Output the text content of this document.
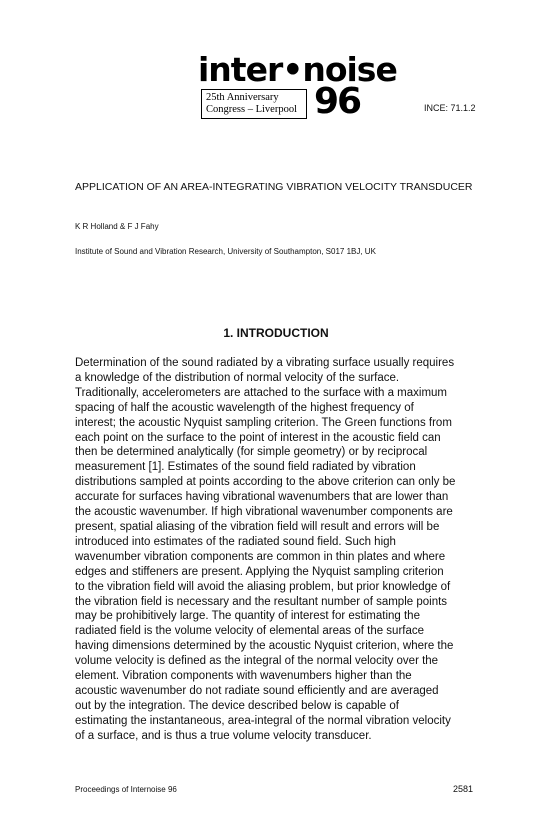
inter•noise
25th Anniversary
Congress – Liverpool 96	INCE: 71.1.2
APPLICATION OF AN AREA-INTEGRATING VIBRATION VELOCITY TRANSDUCER
K R Holland & F J Fahy
Institute of Sound and Vibration Research, University of Southampton, S017 1BJ, UK
1. INTRODUCTION
Determination of the sound radiated by a vibrating surface usually requires
a knowledge of the distribution of normal velocity of the surface.
Traditionally, accelerometers are attached to the surface with a maximum
spacing of half the acoustic wavelength of the highest frequency of
interest; the acoustic Nyquist sampling criterion. The Green functions from
each point on the surface to the point of interest in the acoustic field can
then be determined analytically (for simple geometry) or by reciprocal
measurement [1]. Estimates of the sound field radiated by vibration
distributions sampled at points according to the above criterion can only be
accurate for surfaces having vibrational wavenumbers that are lower than
the acoustic wavenumber. If high vibrational wavenumber components are
present, spatial aliasing of the vibration field will result and errors will be
introduced into estimates of the radiated sound field. Such high
wavenumber vibration components are common in thin plates and where
edges and stiffeners are present. Applying the Nyquist sampling criterion
to the vibration field will avoid the aliasing problem, but prior knowledge of
the vibration field is necessary and the resultant number of sample points
may be prohibitively large. The quantity of interest for estimating the
radiated field is the volume velocity of elemental areas of the surface
having dimensions determined by the acoustic Nyquist criterion, where the
volume velocity is defined as the integral of the normal velocity over the
element. Vibration components with wavenumbers higher than the
acoustic wavenumber do not radiate sound efficiently and are averaged
out by the integration. The device described below is capable of
estimating the instantaneous, area-integral of the normal vibration velocity
of a surface, and is thus a true volume velocity transducer.
Proceedings of Internoise 96	2581
